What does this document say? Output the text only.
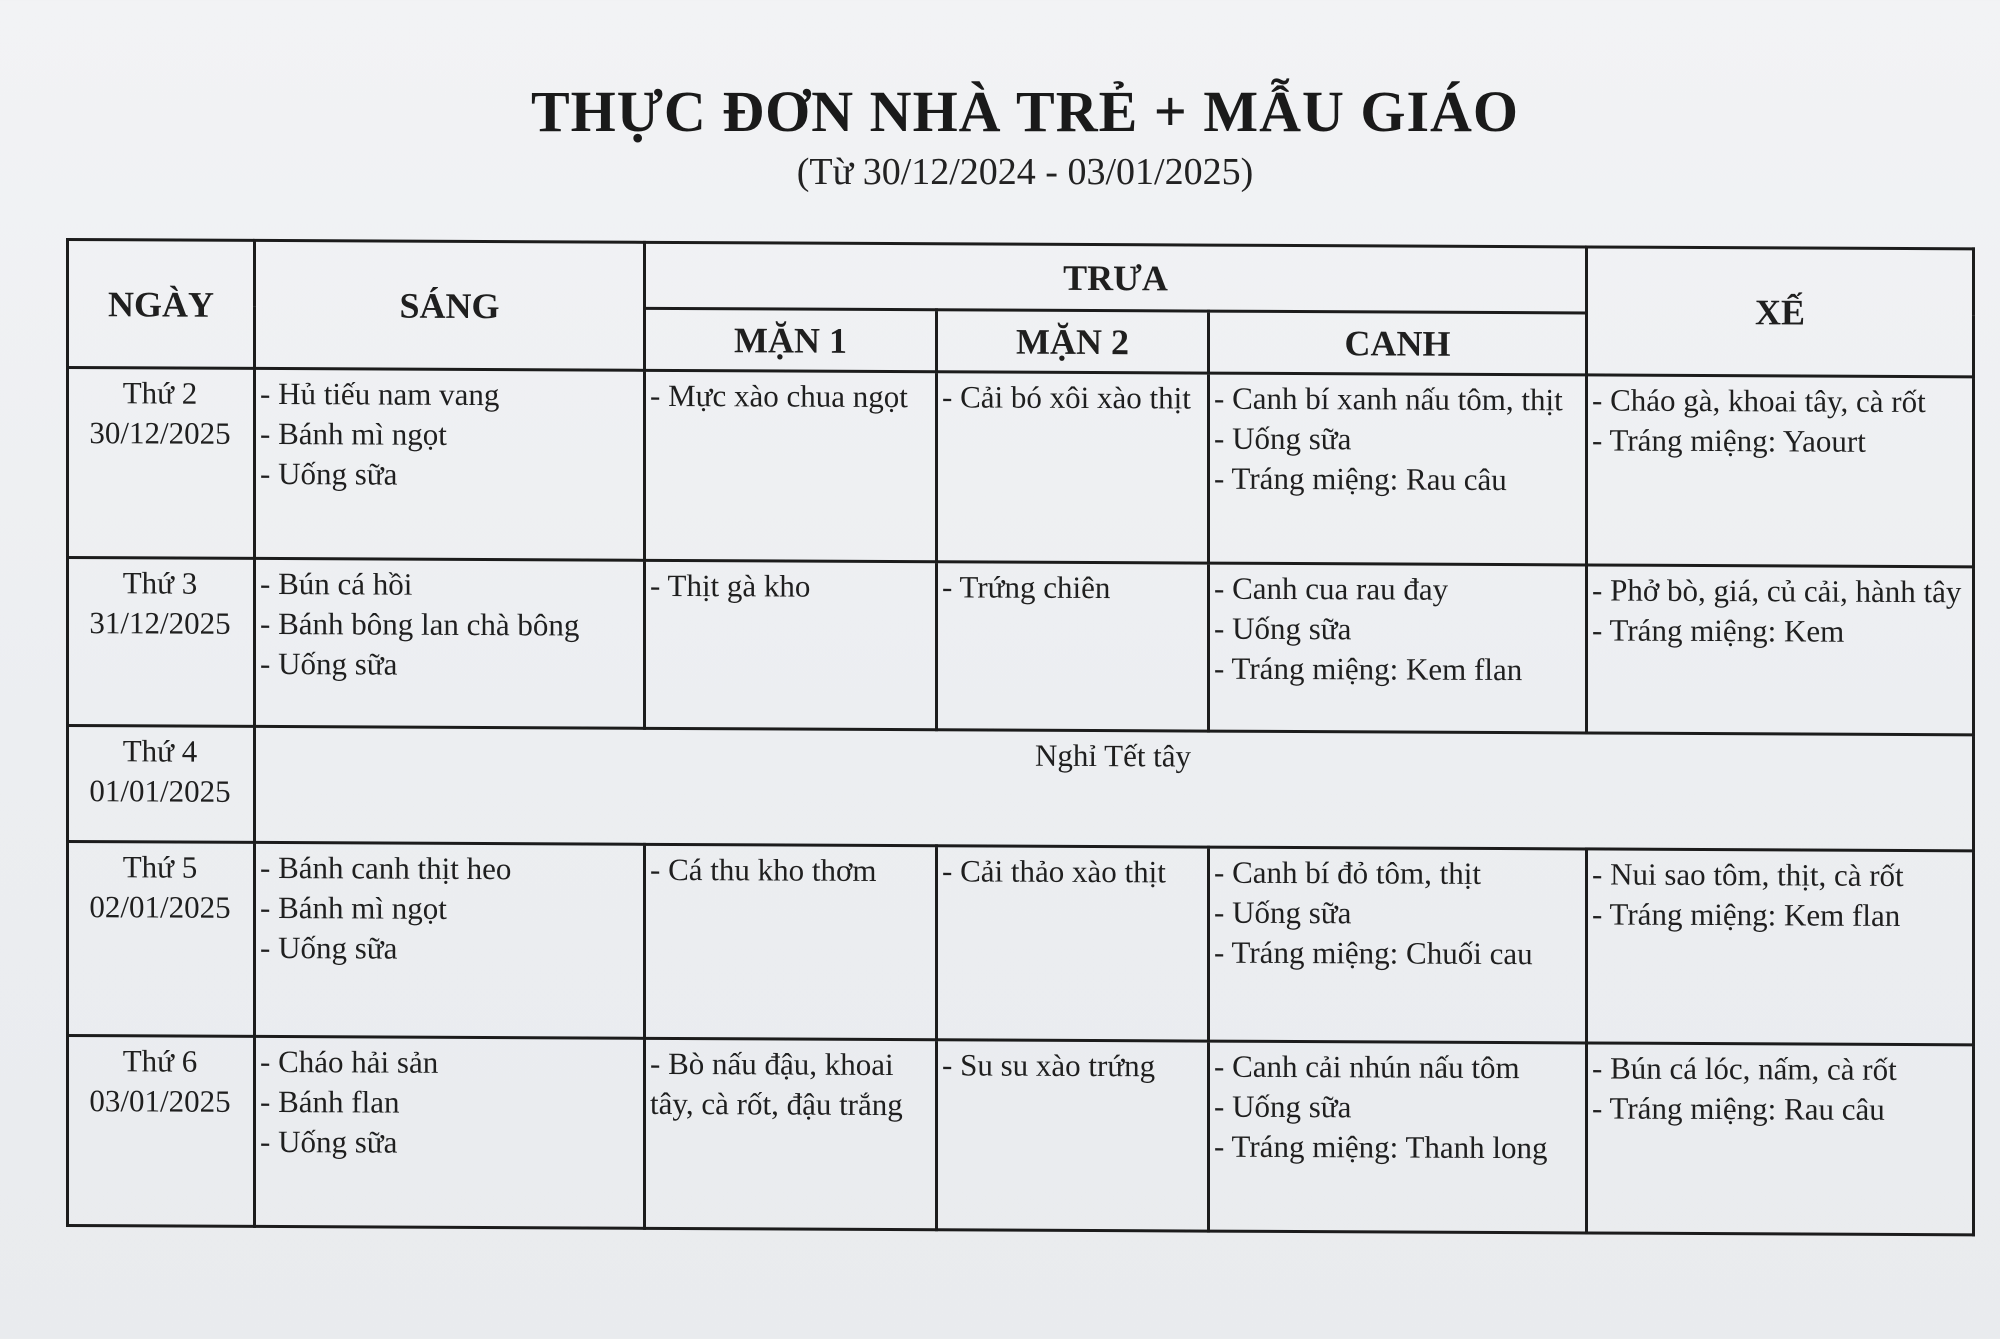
THỰC ĐƠN NHÀ TRẺ + MẪU GIÁO
(Từ 30/12/2024 - 03/01/2025)
NGÀY	SÁNG	TRƯA			XẾ
		MẶN 1	MẶN 2	CANH	

Thứ 2
30/12/2025	- Hủ tiếu nam vang
- Bánh mì ngọt
- Uống sữa	- Mực xào chua ngọt	- Cải bó xôi xào thịt	- Canh bí xanh nấu tôm, thịt
- Uống sữa
- Tráng miệng: Rau câu	- Cháo gà, khoai tây, cà rốt
- Tráng miệng: Yaourt

Thứ 3
31/12/2025	- Bún cá hồi
- Bánh bông lan chà bông
- Uống sữa	- Thịt gà kho	- Trứng chiên	- Canh cua rau đay
- Uống sữa
- Tráng miệng: Kem flan	- Phở bò, giá, củ cải, hành tây
- Tráng miệng: Kem

Thứ 4
01/01/2025	Nghỉ Tết tây				

Thứ 5
02/01/2025	- Bánh canh thịt heo
- Bánh mì ngọt
- Uống sữa	- Cá thu kho thơm	- Cải thảo xào thịt	- Canh bí đỏ tôm, thịt
- Uống sữa
- Tráng miệng: Chuối cau	- Nui sao tôm, thịt, cà rốt
- Tráng miệng: Kem flan

Thứ 6
03/01/2025	- Cháo hải sản
- Bánh flan
- Uống sữa	- Bò nấu đậu, khoai tây, cà rốt, đậu trắng	- Su su xào trứng	- Canh cải nhún nấu tôm
- Uống sữa
- Tráng miệng: Thanh long	- Bún cá lóc, nấm, cà rốt
- Tráng miệng: Rau câu
